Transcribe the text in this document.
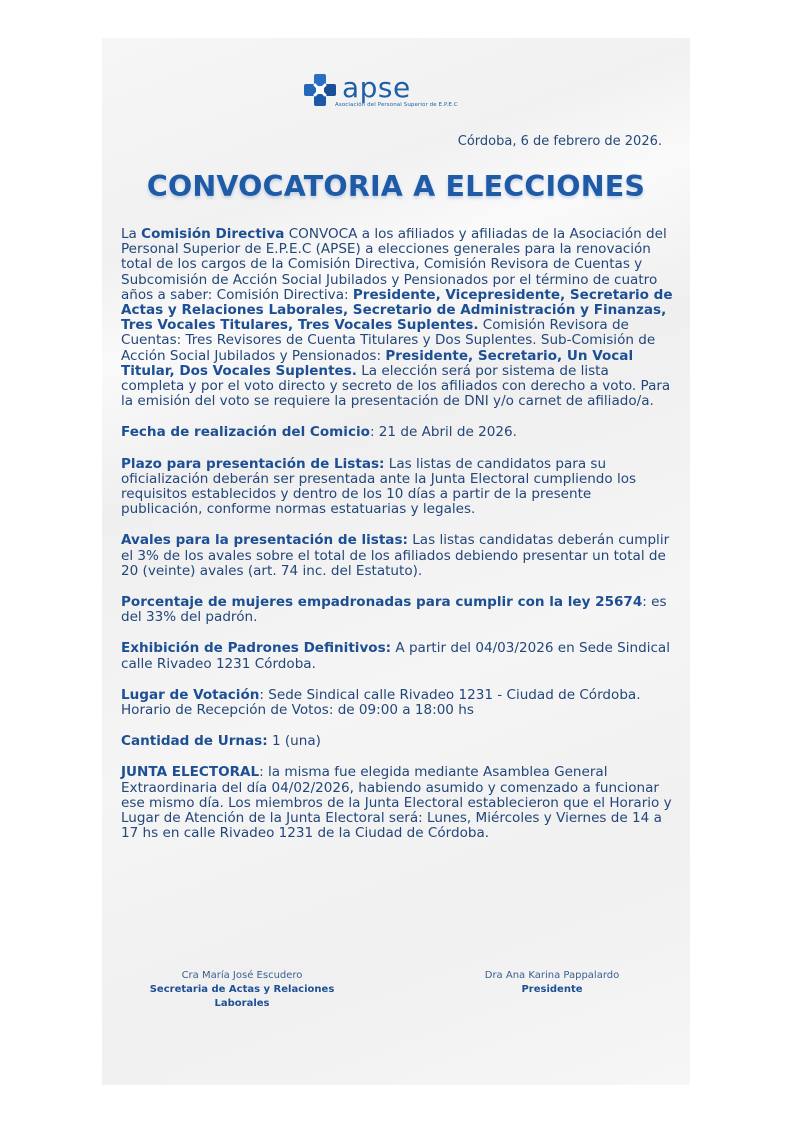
apse
Asociación del Personal Superior de E.P.E.C
Córdoba, 6 de febrero de 2026.
CONVOCATORIA A ELECCIONES

La Comisión Directiva CONVOCA a los afiliados y afiliadas de la Asociación del Personal Superior de E.P.E.C (APSE) a elecciones generales para la renovación total de los cargos de la Comisión Directiva, Comisión Revisora de Cuentas y Subcomisión de Acción Social Jubilados y Pensionados por el término de cuatro años a saber: Comisión Directiva: Presidente, Vicepresidente, Secretario de Actas y Relaciones Laborales, Secretario de Administración y Finanzas, Tres Vocales Titulares, Tres Vocales Suplentes. Comisión Revisora de Cuentas: Tres Revisores de Cuenta Titulares y Dos Suplentes. Sub-Comisión de Acción Social Jubilados y Pensionados: Presidente, Secretario, Un Vocal Titular, Dos Vocales Suplentes. La elección será por sistema de lista completa y por el voto directo y secreto de los afiliados con derecho a voto. Para la emisión del voto se requiere la presentación de DNI y/o carnet de afiliado/a.

Fecha de realización del Comicio: 21 de Abril de 2026.

Plazo para presentación de Listas: Las listas de candidatos para su oficialización deberán ser presentada ante la Junta Electoral cumpliendo los requisitos establecidos y dentro de los 10 días a partir de la presente publicación, conforme normas estatuarias y legales.

Avales para la presentación de listas: Las listas candidatas deberán cumplir el 3% de los avales sobre el total de los afiliados debiendo presentar un total de 20 (veinte) avales (art. 74 inc. del Estatuto).

Porcentaje de mujeres empadronadas para cumplir con la ley 25674: es del 33% del padrón.

Exhibición de Padrones Definitivos: A partir del 04/03/2026 en Sede Sindical calle Rivadeo 1231 Córdoba.

Lugar de Votación: Sede Sindical calle Rivadeo 1231 - Ciudad de Córdoba.
Horario de Recepción de Votos: de 09:00 a 18:00 hs

Cantidad de Urnas: 1 (una)

JUNTA ELECTORAL: la misma fue elegida mediante Asamblea General Extraordinaria del día 04/02/2026, habiendo asumido y comenzado a funcionar ese mismo día. Los miembros de la Junta Electoral establecieron que el Horario y Lugar de Atención de la Junta Electoral será: Lunes, Miércoles y Viernes de 14 a 17 hs en calle Rivadeo 1231 de la Ciudad de Córdoba.

Cra María José Escudero
Secretaria de Actas y Relaciones Laborales
Dra Ana Karina Pappalardo
Presidente
